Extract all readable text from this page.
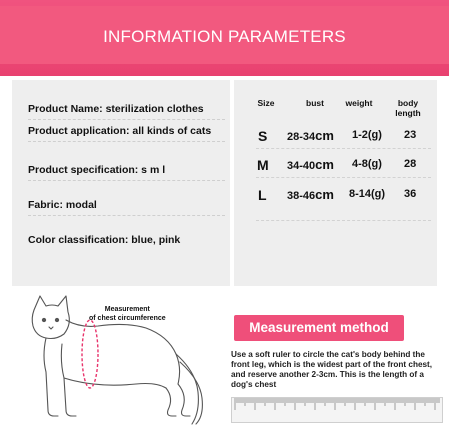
INFORMATION PARAMETERS
Product Name: sterilization clothes
Product application: all kinds of cats
Product specification: s m l
Fabric: modal
Color classification: blue, pink
Size	bust	weight	body length
S 28-34cm 1-2(g) 23
M 34-40cm 4-8(g) 28
L 38-46cm 8-14(g) 36
Measurement
of chest circumference
Measurement method
Use a soft ruler to circle the cat's body behind the front leg, which is the widest part of the front chest, and reserve another 2-3cm. This is the length of a dog's chest
